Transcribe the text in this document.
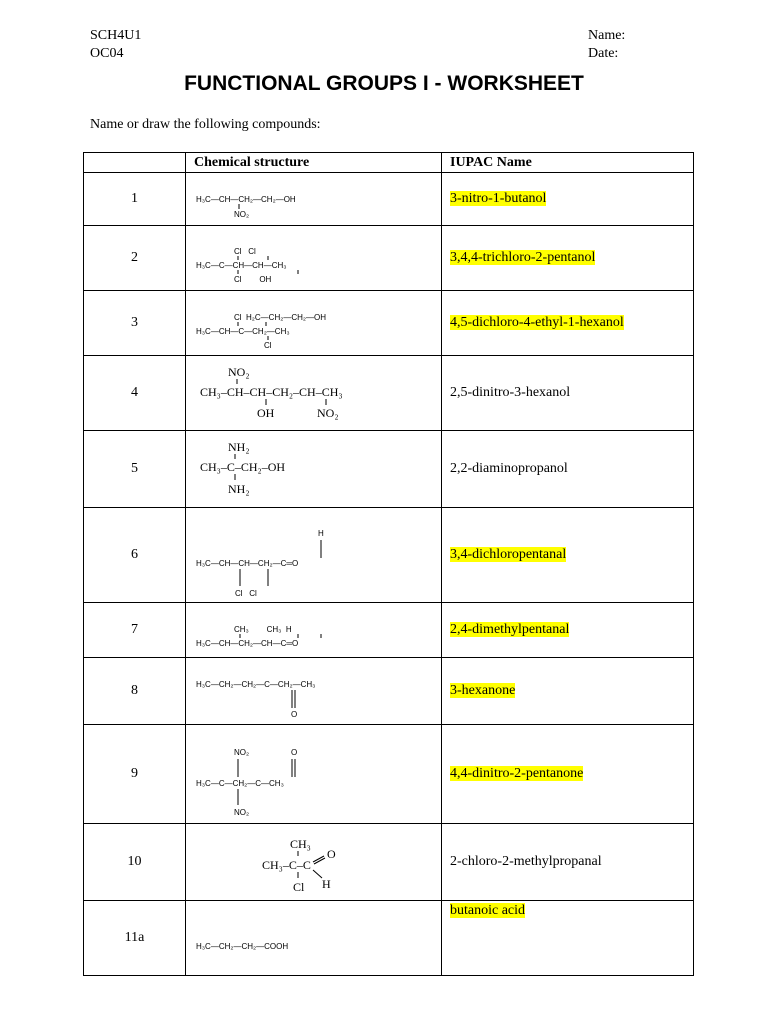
SCH4U1
OC04
Name:
Date:
FUNCTIONAL GROUPS I - WORKSHEET
Name or draw the following compounds:
	Chemical structure	IUPAC Name
1	H₃C—CH—CH₂—CH₂—OH
NO₂	3-nitro-1-butanol
2	Cl   Cl
H₃C—C—CH—CH—CH₃
Cl        OH	3,4,4-trichloro-2-pentanol
3	Cl  H₂C—CH₂—CH₂—OH
H₃C—CH—C—CH₂—CH₃
Cl	4,5-dichloro-4-ethyl-1-hexanol
4	NO₂
CH₃–CH–CH–CH₂–CH–CH₃
OH NO₂	2,5-dinitro-3-hexanol
5	NH₂
CH₃–C–CH₂–OH
NH₂	2,2-diaminopropanol
6	H
H₃C—CH—CH—CH₂—C═O
Cl   Cl	3,4-dichloropentanal
7	CH₃        CH₃  H
H₃C—CH—CH₂—CH—C═O	2,4-dimethylpentanal
8	H₃C—CH₂—CH₂—C—CH₂—CH₃
O	3-hexanone
9	NO₂ O
H₃C—C—CH₂—C—CH₃
NO₂	4,4-dinitro-2-pentanone
10	CH₃
CH₃–C–C
O
Cl H	2-chloro-2-methylpropanal
11a	H₃C—CH₂—CH₂—COOH	butanoic acid
